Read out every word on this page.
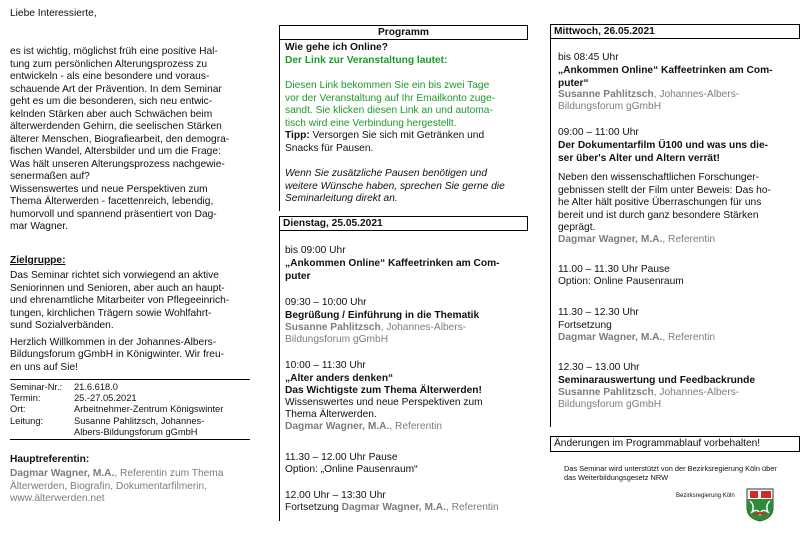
Liebe Interessierte,

es ist wichtig, möglichst früh eine positive Hal-

tung zum persönlichen Alterungsprozess zu

entwickeln - als eine besondere und voraus-

schauende Art der Prävention. In dem Seminar

geht es um die besonderen, sich neu entwic-

kelnden Stärken aber auch Schwächen beim

älterwerdenden Gehirn, die seelischen Stärken

älterer Menschen, Biografiearbeit, den demogra-

fischen Wandel, Altersbilder und um die Frage:

Was hält unseren Alterungsprozess nachgewie-

senermaßen auf?

Wissenswertes und neue Perspektiven zum

Thema Älterwerden - facettenreich, lebendig,

humorvoll und spannend präsentiert von Dag-

mar Wagner.

Zielgruppe:

Das Seminar richtet sich vorwiegend an aktive

Seniorinnen und Senioren, aber auch an haupt-

und ehrenamtliche Mitarbeiter von Pflegeeinrich-

tungen, kirchlichen Trägern sowie Wohlfahrt-

sund Sozialverbänden.

Herzlich Willkommen in der Johannes-Albers-

Bildungsforum gGmbH in Königwinter. Wir freu-

en uns auf Sie!

Seminar-Nr.:	21.6.618.0
Termin:	25.-27.05.2021
Ort:	Arbeitnehmer-Zentrum Königswinter
Leitung:	Susanne Pahlitzsch, Johannes-
	Albers-Bildungsforum gGmbH

Hauptreferentin:

Dagmar Wagner, M.A., Referentin zum Thema

Älterwerden, Biografin, Dokumentarfilmerin,

www.älterwerden.net

Programm

Wie gehe ich Online?

Der Link zur Veranstaltung lautet:

Diesen Link bekommen Sie ein bis zwei Tage

vor der Veranstaltung auf Ihr Emailkonto zuge-

sandt. Sie klicken diesen Link an und automa-

tisch wird eine Verbindung hergestellt.

Tipp: Versorgen Sie sich mit Getränken und

Snacks für Pausen.

Wenn Sie zusätzliche Pausen benötigen und

weitere Wünsche haben, sprechen Sie gerne die

Seminarleitung direkt an.

Dienstag, 25.05.2021

bis 09:00 Uhr

„Ankommen Online“ Kaffeetrinken am Com-

puter

09:30 – 10:00 Uhr

Begrüßung / Einführung in die Thematik

Susanne Pahlitzsch, Johannes-Albers-

Bildungsforum gGmbH

10:00 – 11:30 Uhr

„Alter anders denken“

Das Wichtigste zum Thema Älterwerden!

Wissenswertes und neue Perspektiven zum

Thema Älterwerden.

Dagmar Wagner, M.A., Referentin

11.30 – 12.00 Uhr Pause

Option: „Online Pausenraum“

12.00 Uhr – 13:30 Uhr

Fortsetzung Dagmar Wagner, M.A., Referentin

Mittwoch, 26.05.2021

bis 08:45 Uhr

„Ankommen Online“ Kaffeetrinken am Com-

puter“

Susanne Pahlitzsch, Johannes-Albers-

Bildungsforum gGmbH

09:00 – 11:00 Uhr

Der Dokumentarfilm Ü100 und was uns die-

ser über's Alter und Altern verrät!

Neben den wissenschaftlichen Forschunger-

gebnissen stellt der Film unter Beweis: Das ho-

he Alter hält positive Überraschungen für uns

bereit und ist durch ganz besondere Stärken

geprägt.

Dagmar Wagner, M.A., Referentin

11.00 – 11.30 Uhr Pause

Option: Online Pausenraum

11.30 – 12.30 Uhr

Fortsetzung

Dagmar Wagner, M.A., Referentin

12.30 – 13.00 Uhr

Seminarauswertung und Feedbackrunde

Susanne Pahlitzsch, Johannes-Albers-

Bildungsforum gGmbH

Änderungen im Programmablauf vorbehalten!

Das Seminar wird unterstützt von der Bezirksregierung Köln über

das Weiterbildungsgesetz NRW

Bezirksregierung Köln
